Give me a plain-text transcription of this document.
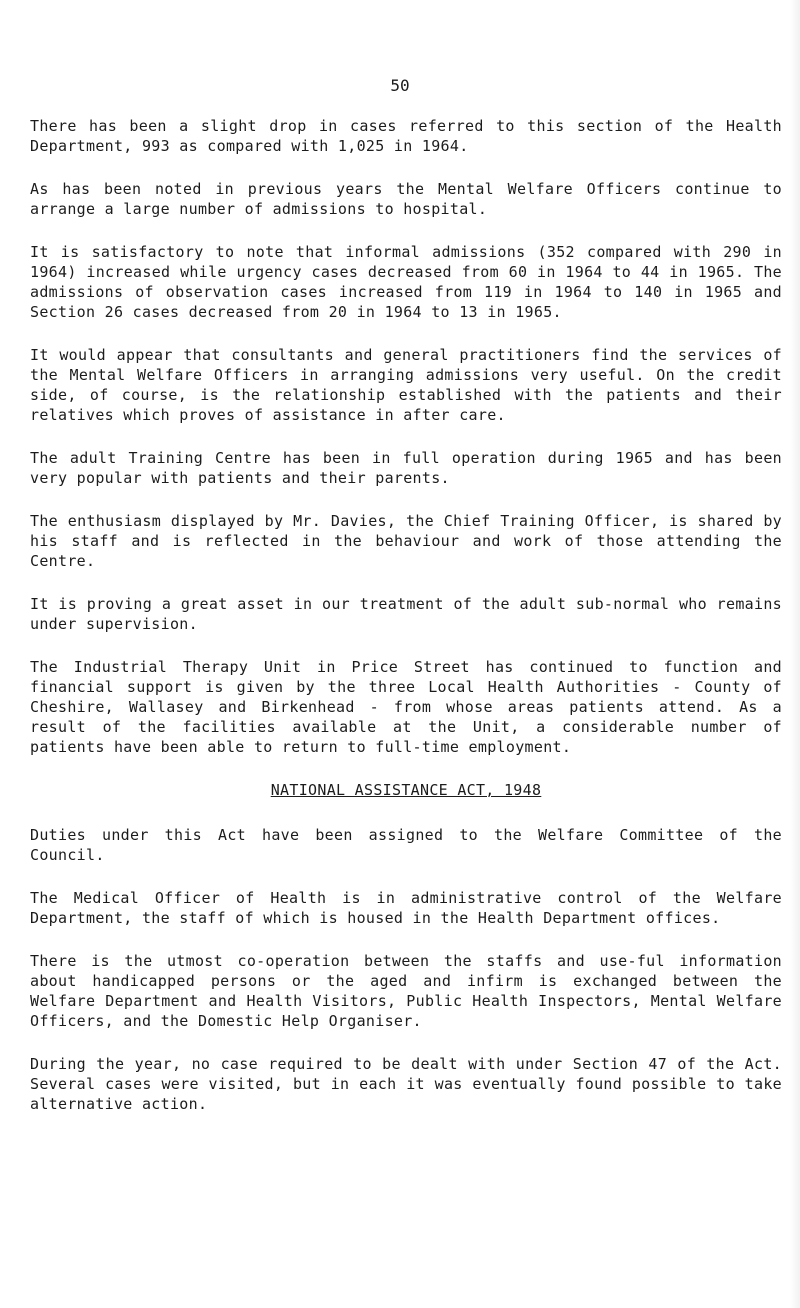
50

There has been a slight drop in cases referred to this section of the Health Department, 993 as compared with 1,025 in 1964.

As has been noted in previous years the Mental Welfare Officers continue to arrange a large number of admissions to hospital.

It is satisfactory to note that informal admissions (352 compared with 290 in 1964) increased while urgency cases decreased from 60 in 1964 to 44 in 1965. The admissions of observation cases increased from 119 in 1964 to 140 in 1965 and Section 26 cases decreased from 20 in 1964 to 13 in 1965.

It would appear that consultants and general practitioners find the services of the Mental Welfare Officers in arranging admissions very useful. On the credit side, of course, is the relationship established with the patients and their relatives which proves of assistance in after care.

The adult Training Centre has been in full operation during 1965 and has been very popular with patients and their parents.

The enthusiasm displayed by Mr. Davies, the Chief Training Officer, is shared by his staff and is reflected in the behaviour and work of those attending the Centre.

It is proving a great asset in our treatment of the adult sub-normal who remains under supervision.

The Industrial Therapy Unit in Price Street has continued to function and financial support is given by the three Local Health Authorities - County of Cheshire, Wallasey and Birkenhead - from whose areas patients attend. As a result of the facilities available at the Unit, a considerable number of patients have been able to return to full-time employment.

NATIONAL ASSISTANCE ACT, 1948

Duties under this Act have been assigned to the Welfare Committee of the Council.

The Medical Officer of Health is in administrative control of the Welfare Department, the staff of which is housed in the Health Department offices.

There is the utmost co-operation between the staffs and use-ful information about handicapped persons or the aged and infirm is exchanged between the Welfare Department and Health Visitors, Public Health Inspectors, Mental Welfare Officers, and the Domestic Help Organiser.

During the year, no case required to be dealt with under Section 47 of the Act. Several cases were visited, but in each it was eventually found possible to take alternative action.
